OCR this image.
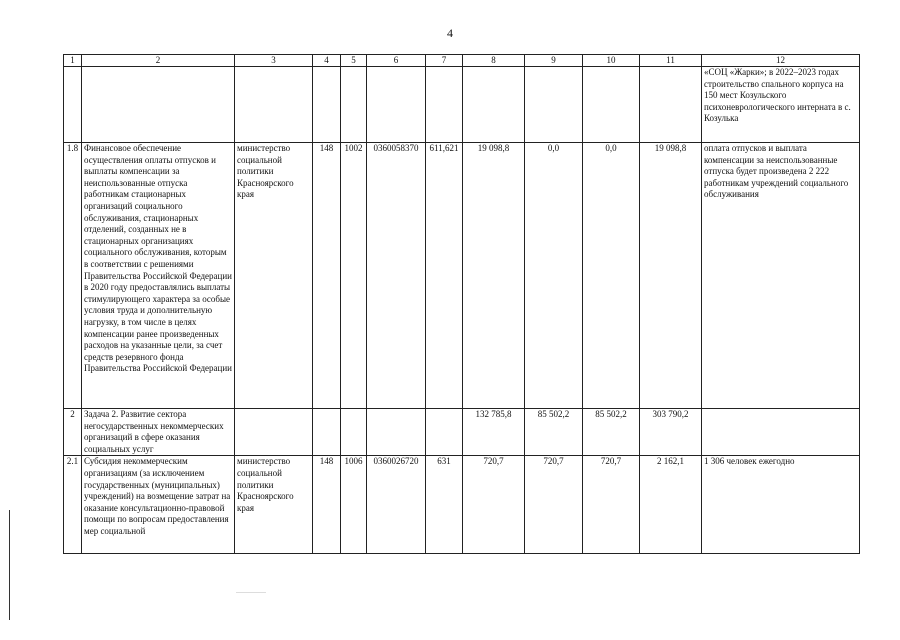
4
1	2	3	4	5	6	7	8	9	10	11	12
											«СОЦ «Жарки»; в 2022–2023 годах строительство спального корпуса на 150 мест Козульского психоневрологического интерната в с. Козулька
1.8	Финансовое обеспечение осуществления оплаты отпусков и выплаты компенсации за неиспользованные отпуска работникам стационарных организаций социального обслуживания, стационарных отделений, созданных не в стационарных организациях социального обслуживания, которым в соответствии с решениями Правительства Российской Федерации в 2020 году предоставлялись выплаты стимулирующего характера за особые условия труда и дополнительную нагрузку, в том числе в целях компенсации ранее произведенных расходов на указанные цели, за счет средств резервного фонда Правительства Российской Федерации	министерство социальной политики Красноярского края	148	1002	0360058370	611,621	19 098,8	0,0	0,0	19 098,8	оплата отпусков и выплата компенсации за неиспользованные отпуска будет произведена 2 222 работникам учреждений социального обслуживания
2	Задача 2. Развитие сектора негосударственных некоммерческих организаций в сфере оказания социальных услуг						132 785,8	85 502,2	85 502,2	303 790,2	
2.1	Субсидия некоммерческим организациям (за исключением государственных (муниципальных) учреждений) на возмещение затрат на оказание консультационно-правовой помощи по вопросам предоставления мер социальной	министерство социальной политики Красноярского края	148	1006	0360026720	631	720,7	720,7	720,7	2 162,1	1 306 человек ежегодно
